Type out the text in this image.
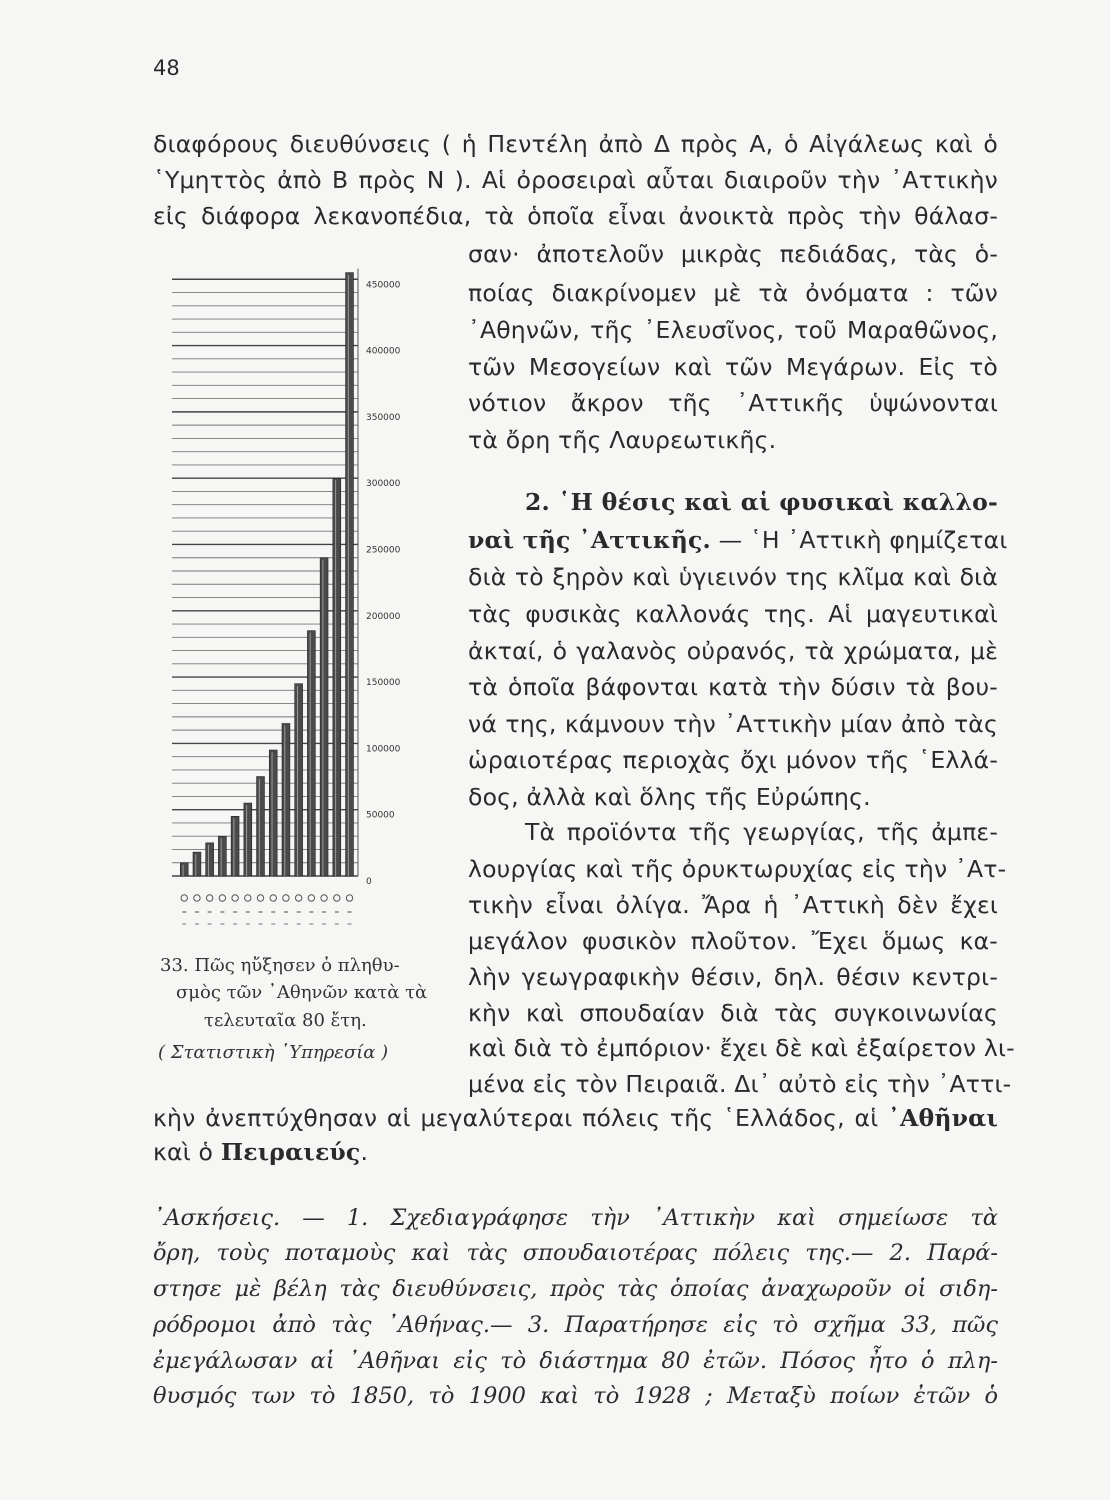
48
διαφόρους διευθύνσεις ( ἡ Πεντέλη ἀπὸ Δ πρὸς Α, ὁ Αἰγάλεως καὶ ὁ
῾Υμηττὸς ἀπὸ Β πρὸς Ν ). Αἱ ὀροσειραὶ αὗται διαιροῦν τὴν ᾿Αττικὴν
εἰς διάφορα λεκανοπέδια, τὰ ὁποῖα εἶναι ἀνοικτὰ πρὸς τὴν θάλασ-
σαν· ἀποτελοῦν μικρὰς πεδιάδας, τὰς ὁ-
ποίας διακρίνομεν μὲ τὰ ὀνόματα : τῶν
᾿Αθηνῶν, τῆς ᾿Ελευσῖνος, τοῦ Μαραθῶνος,
τῶν Μεσογείων καὶ τῶν Μεγάρων. Εἰς τὸ
νότιον ἄκρον τῆς ᾿Αττικῆς ὑψώνονται
τὰ ὄρη τῆς Λαυρεωτικῆς.
2. ῾Η θέσις καὶ αἱ φυσικαὶ καλλο-
ναὶ τῆς ᾿Αττικῆς. — ῾Η ᾿Αττικὴ φημίζεται
διὰ τὸ ξηρὸν καὶ ὑγιεινόν της κλῖμα καὶ διὰ
τὰς φυσικὰς καλλονάς της. Αἱ μαγευτικαὶ
ἀκταί, ὁ γαλανὸς οὐρανός, τὰ χρώματα, μὲ
τὰ ὁποῖα βάφονται κατὰ τὴν δύσιν τὰ βου-
νά της, κάμνουν τὴν ᾿Αττικὴν μίαν ἀπὸ τὰς
ὡραιοτέρας περιοχὰς ὄχι μόνον τῆς ῾Ελλά-
δος, ἀλλὰ καὶ ὅλης τῆς Εὐρώπης.
Τὰ προϊόντα τῆς γεωργίας, τῆς ἀμπε-
λουργίας καὶ τῆς ὀρυκτωρυχίας εἰς τὴν ᾿Ατ-
τικὴν εἶναι ὀλίγα. Ἄρα ἡ ᾿Αττικὴ δὲν ἔχει
μεγάλον φυσικὸν πλοῦτον. Ἔχει ὅμως κα-
λὴν γεωγραφικὴν θέσιν, δηλ. θέσιν κεντρι-
κὴν καὶ σπουδαίαν διὰ τὰς συγκοινωνίας
καὶ διὰ τὸ ἐμπόριον· ἔχει δὲ καὶ ἐξαίρετον λι-
μένα εἰς τὸν Πειραιᾶ. Δι᾿ αὐτὸ εἰς τὴν ᾿Αττι-
κὴν ἀνεπτύχθησαν αἱ μεγαλύτεραι πόλεις τῆς ῾Ελλάδος, αἱ ᾿Αθῆναι
καὶ ὁ Πειραιεύς.
450000
400000
350000
300000
250000
200000
150000
100000
50000
0
33. Πῶς ηὔξησεν ὁ πληθυ-
σμὸς τῶν ᾿Αθηνῶν κατὰ τὰ
τελευταῖα 80 ἔτη.
( Στατιστικὴ ῾Υπηρεσία )
᾿Ασκήσεις. — 1. Σχεδιαγράφησε τὴν ᾿Αττικὴν καὶ σημείωσε τὰ
ὄρη, τοὺς ποταμοὺς καὶ τὰς σπουδαιοτέρας πόλεις της.— 2. Παρά-
στησε μὲ βέλη τὰς διευθύνσεις, πρὸς τὰς ὁποίας ἀναχωροῦν οἱ σιδη-
ρόδρομοι ἀπὸ τὰς ᾿Αθήνας.— 3. Παρατήρησε εἰς τὸ σχῆμα 33, πῶς
ἐμεγάλωσαν αἱ ᾿Αθῆναι εἰς τὸ διάστημα 80 ἐτῶν. Πόσος ἦτο ὁ πλη-
θυσμός των τὸ 1850, τὸ 1900 καὶ τὸ 1928 ; Μεταξὺ ποίων ἐτῶν ὁ
